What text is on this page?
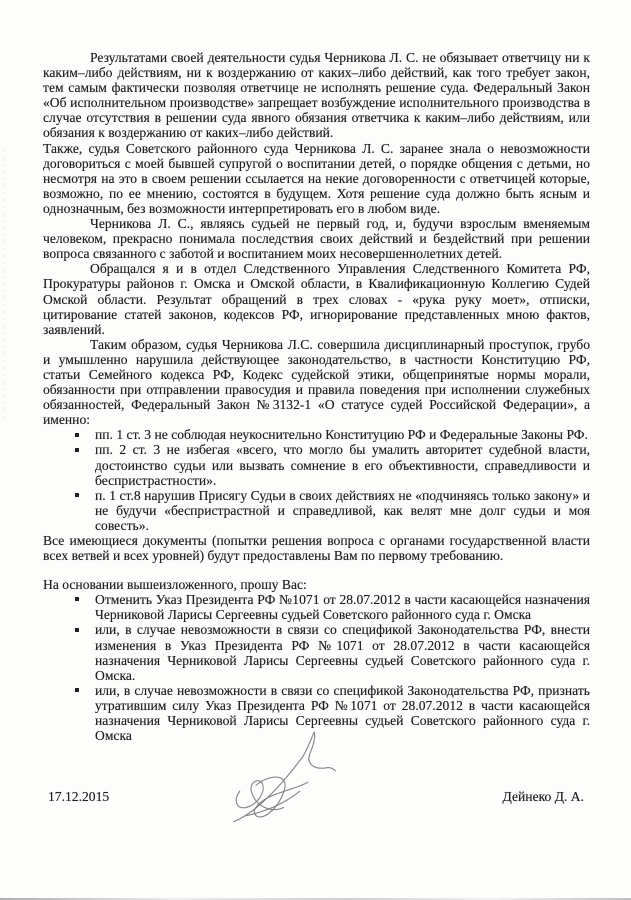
Результатами своей деятельности судья Черникова Л. С. не обязывает ответчицу ни к каким–либо действиям, ни к воздержанию от каких–либо действий, как того требует закон, тем самым фактически позволяя ответчице не исполнять решение суда. Федеральный Закон «Об исполнительном производстве» запрещает возбуждение исполнительного производства в случае отсутствия в решении суда явного обязания ответчика к каким–либо действиям, или обязания к воздержанию от каких–либо действий.

Также, судья Советского районного суда Черникова Л. С. заранее знала о невозможности договориться с моей бывшей супругой о воспитании детей, о порядке общения с детьми, но несмотря на это в своем решении ссылается на некие договоренности с ответчицей которые, возможно, по ее мнению, состоятся в будущем. Хотя решение суда должно быть ясным и однозначным, без возможности интерпретировать его в любом виде.

Черникова Л. С., являясь судьей не первый год, и, будучи взрослым вменяемым человеком, прекрасно понимала последствия своих действий и бездействий при решении вопроса связанного с заботой и воспитанием моих несовершеннолетних детей.

Обращался я и в отдел Следственного Управления Следственного Комитета РФ, Прокуратуры районов г. Омска и Омской области, в Квалификационную Коллегию Судей Омской области. Результат обращений в трех словах - «рука руку моет», отписки, цитирование статей законов, кодексов РФ, игнорирование представленных мною фактов, заявлений.

Таким образом, судья Черникова Л.С. совершила дисциплинарный проступок, грубо и умышленно нарушила действующее законодательство, в частности Конституцию РФ, статьи Семейного кодекса РФ, Кодекс судейской этики, общепринятые нормы морали, обязанности при отправлении правосудия и правила поведения при исполнении служебных обязанностей, Федеральный Закон №3132-1 «О статусе судей Российской Федерации», а именно:

пп. 1 ст. 3 не соблюдая неукоснительно Конституцию РФ и Федеральные Законы РФ.
пп. 2 ст. 3 не избегая «всего, что могло бы умалить авторитет судебной власти, достоинство судьи или вызвать сомнение в его объективности, справедливости и беспристрастности».
п. 1 ст.8 нарушив Присягу Судьи в своих действиях не «подчиняясь только закону» и не будучи «беспристрастной и справедливой, как велят мне долг судьи и моя совесть».

Все имеющиеся документы (попытки решения вопроса с органами государственной власти всех ветвей и всех уровней) будут предоставлены Вам по первому требованию.

На основании вышеизложенного, прошу Вас:

Отменить Указ Президента РФ №1071 от 28.07.2012 в части касающейся назначения Черниковой Ларисы Сергеевны судьей Советского районного суда г. Омска
или, в случае невозможности в связи со спецификой Законодательства РФ, внести изменения в Указ Президента РФ №1071 от 28.07.2012 в части касающейся назначения Черниковой Ларисы Сергеевны судьей Советского районного суда г. Омска.
или, в случае невозможности в связи со спецификой Законодательства РФ, признать утратившим силу Указ Президента РФ №1071 от 28.07.2012 в части касающейся назначения Черниковой Ларисы Сергеевны судьей Советского районного суда г. Омска
17.12.2015	Дейнеко Д. А.
